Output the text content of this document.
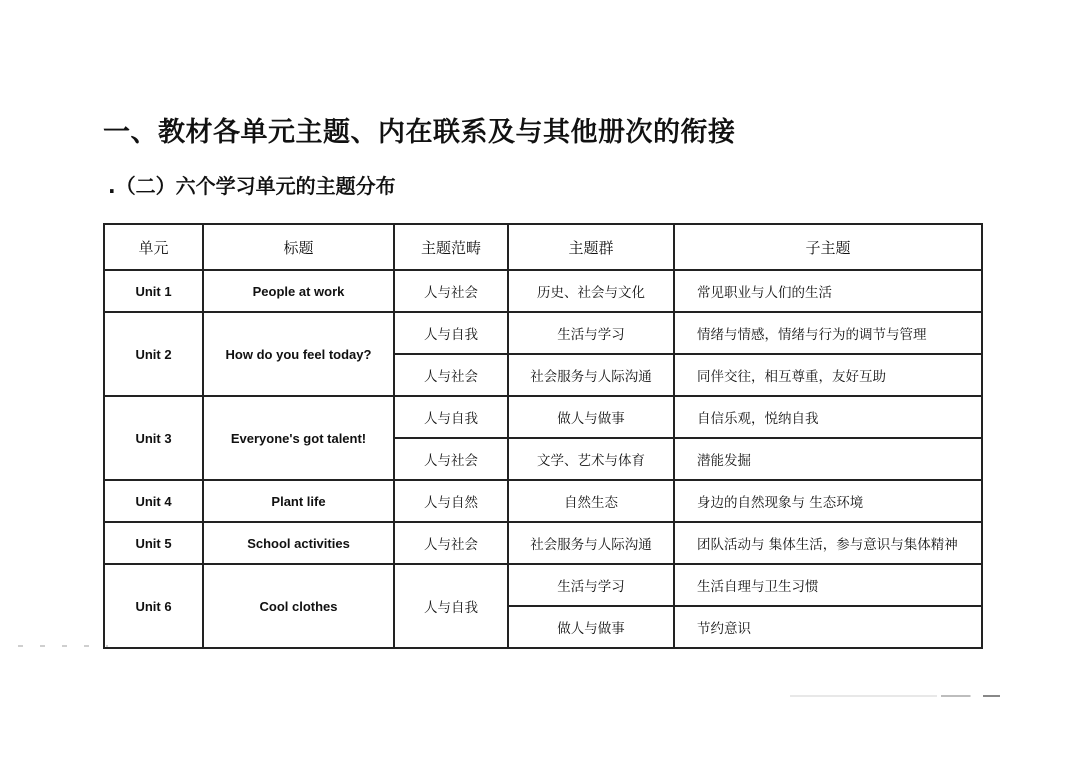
一、教材各单元主题、内在联系及与其他册次的衔接
.（二）六个学习单元的主题分布
单元	标题	主题范畴	主题群	子主题
Unit 1	People at work	人与社会	历史、社会与文化	常见职业与人们的生活
Unit 2	How do you feel today?	人与自我	生活与学习	情绪与情感，情绪与行为的调节与管理
		人与社会	社会服务与人际沟通	同伴交往，相互尊重，友好互助
Unit 3	Everyone's got talent!	人与自我	做人与做事	自信乐观，悦纳自我
		人与社会	文学、艺术与体育	潜能发掘
Unit 4	Plant life	人与自然	自然生态	身边的自然现象与 生态环境
Unit 5	School activities	人与社会	社会服务与人际沟通	团队活动与 集体生活，参与意识与集体精神
Unit 6	Cool clothes	人与自我	生活与学习	生活自理与卫生习惯
			做人与做事	节约意识
